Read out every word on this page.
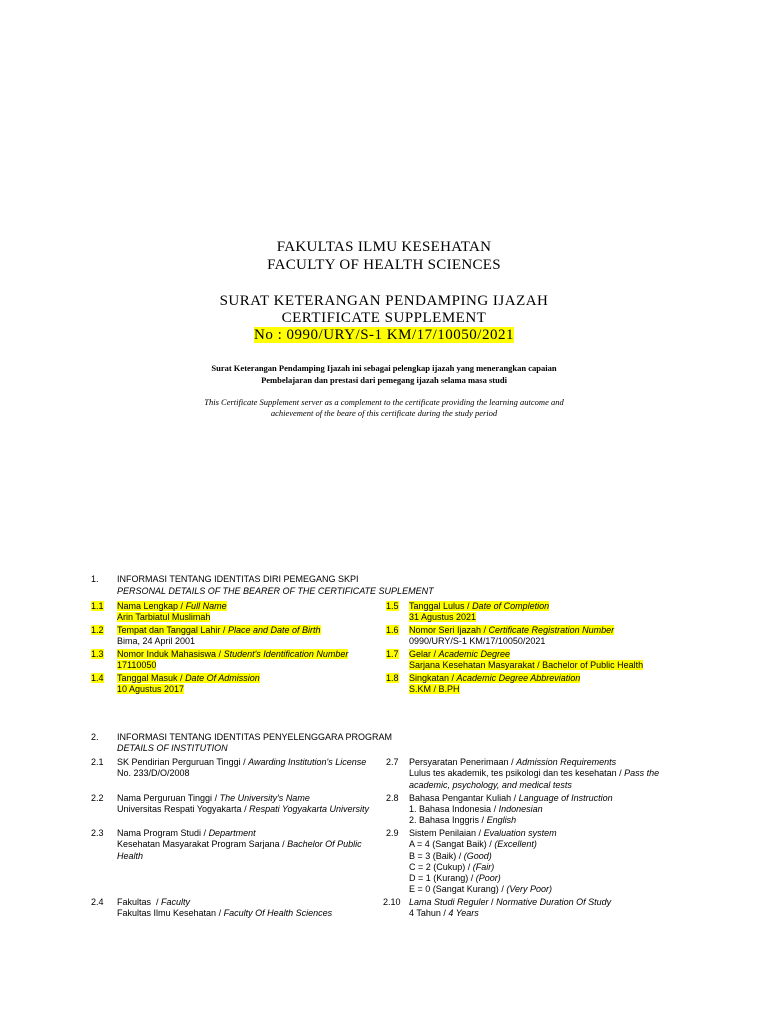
FAKULTAS ILMU KESEHATAN
FACULTY OF HEALTH SCIENCES
SURAT KETERANGAN PENDAMPING IJAZAH
CERTIFICATE SUPPLEMENT
No : 0990/URY/S-1 KM/17/10050/2021
Surat Keterangan Pendamping Ijazah ini sebagai pelengkap ijazah yang menerangkan capaian
Pembelajaran dan prestasi dari pemegang ijazah selama masa studi
This Certificate Supplement server as a complement to the certificate providing the learning autcome and
achievement of the beare of this certificate during the study period
1. INFORMASI TENTANG IDENTITAS DIRI PEMEGANG SKPI
PERSONAL DETAILS OF THE BEARER OF THE CERTIFICATE SUPLEMENT
1.1 Nama Lengkap / Full Name
Arin Tarbiatul Muslimah
1.2 Tempat dan Tanggal Lahir / Place and Date of Birth
Bima, 24 April 2001
1.3 Nomor Induk Mahasiswa / Student's Identification Number
17110050
1.4 Tanggal Masuk / Date Of Admission
10 Agustus 2017
1.5 Tanggal Lulus / Date of Completion
31 Agustus 2021
1.6 Nomor Seri Ijazah / Certificate Registration Number
0990/URY/S-1 KM/17/10050/2021
1.7 Gelar / Academic Degree
Sarjana Kesehatan Masyarakat / Bachelor of Public Health
1.8 Singkatan / Academic Degree Abbreviation
S.KM / B.PH
2. INFORMASI TENTANG IDENTITAS PENYELENGGARA PROGRAM
DETAILS OF INSTITUTION
2.1 SK Pendirian Perguruan Tinggi / Awarding Institution's License
No. 233/D/O/2008
2.2 Nama Perguruan Tinggi / The University's Name
Universitas Respati Yogyakarta / Respati Yogyakarta University
2.3 Nama Program Studi / Department
Kesehatan Masyarakat Program Sarjana / Bachelor Of Public Health
2.4 Fakultas  / Faculty
Fakultas Ilmu Kesehatan / Faculty Of Health Sciences
2.7 Persyaratan Penerimaan / Admission Requirements
Lulus tes akademik, tes psikologi dan tes kesehatan / Pass the academic, psychology, and medical tests
2.8 Bahasa Pengantar Kuliah / Language of Instruction
1. Bahasa Indonesia / Indonesian
2. Bahasa Inggris / English
2.9 Sistem Penilaian / Evaluation system
A = 4 (Sangat Baik) / (Excellent)
B = 3 (Baik) / (Good)
C = 2 (Cukup) / (Fair)
D = 1 (Kurang) / (Poor)
E = 0 (Sangat Kurang) / (Very Poor)
2.10 Lama Studi Reguler / Normative Duration Of Study
4 Tahun / 4 Years
